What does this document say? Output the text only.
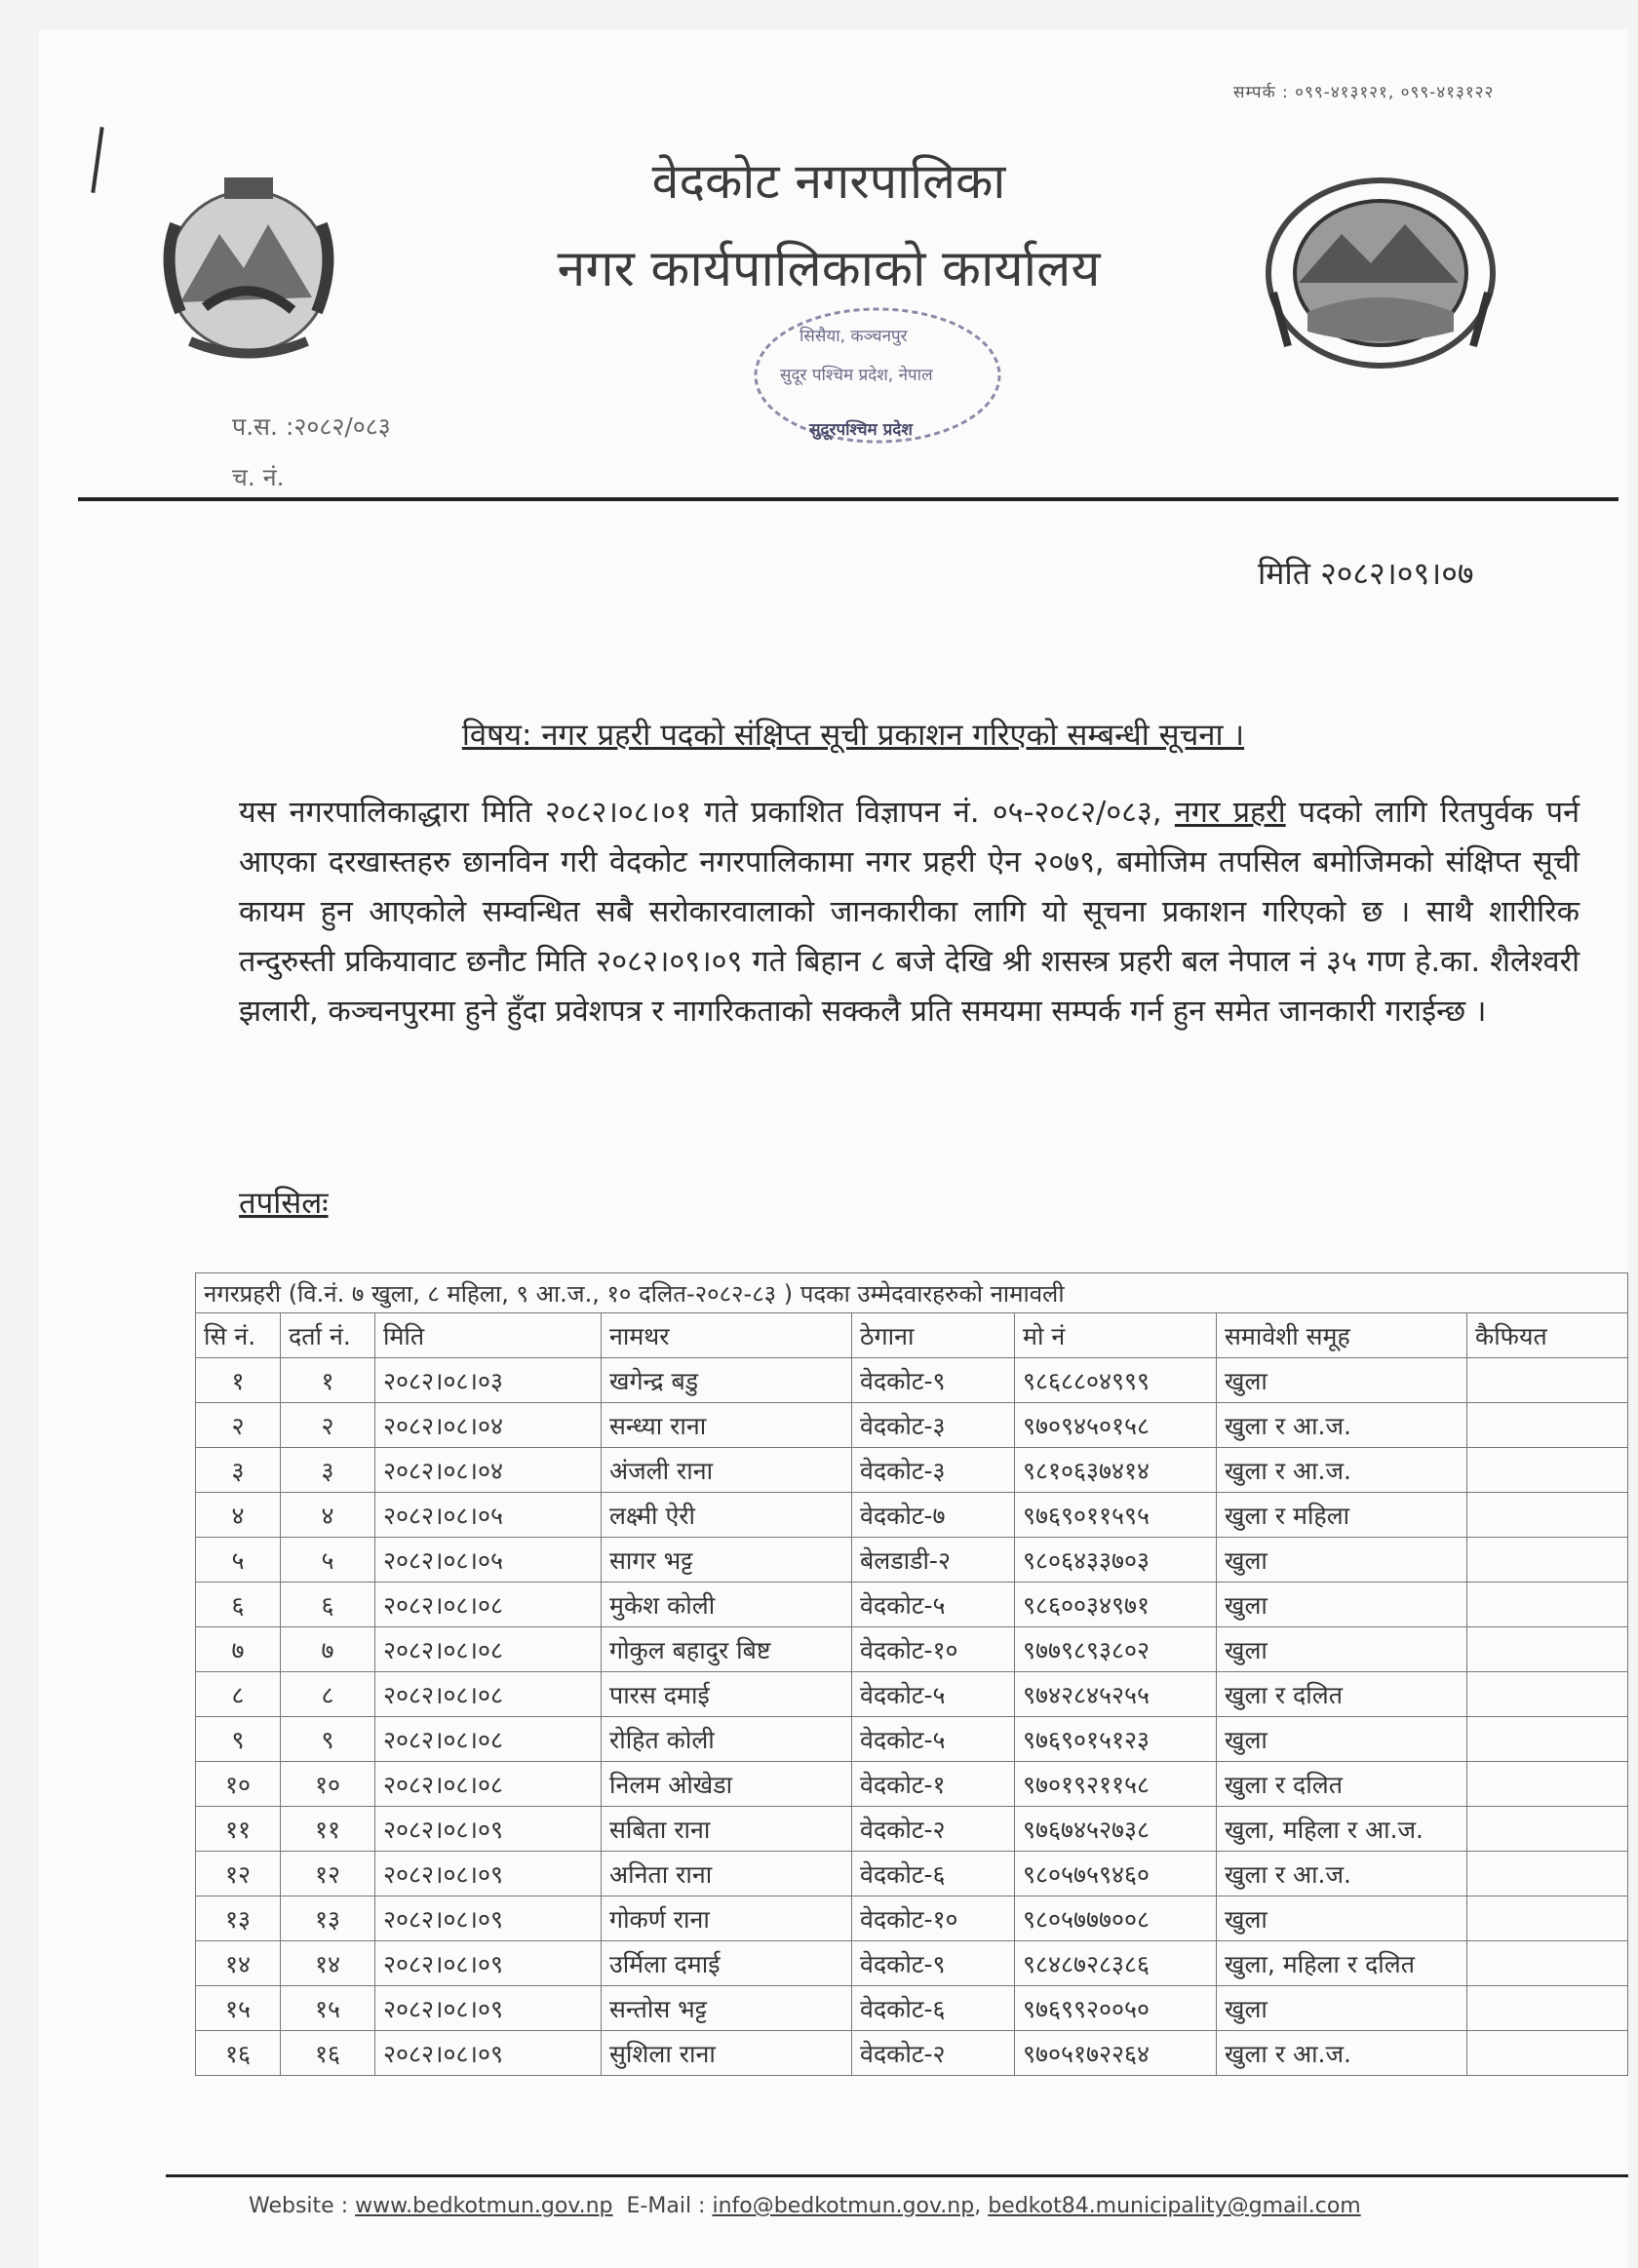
सम्पर्क : ०९९-४१३१२१, ०९९-४१३१२२
वेदकोट नगरपालिका
नगर कार्यपालिकाको कार्यालय
सिसैया, कञ्चनपुर
सुदूर पश्चिम प्रदेश, नेपाल
सुदूरपश्चिम प्रदेश
प.स. :२०८२/०८३
च. नं.
मिति २०८२।०९।०७
विषय: नगर प्रहरी पदको संक्षिप्त सूची प्रकाशन गरिएको सम्बन्धी सूचना ।
यस नगरपालिकाद्धारा मिति २०८२।०८।०१ गते प्रकाशित विज्ञापन नं. ०५-२०८२/०८३, नगर प्रहरी पदको लागि रितपुर्वक पर्न आएका दरखास्तहरु छानविन गरी वेदकोट नगरपालिकामा नगर प्रहरी ऐन २०७९, बमोजिम तपसिल बमोजिमको संक्षिप्त सूची कायम हुन आएकोले सम्वन्धित सबै सरोकारवालाको जानकारीका लागि यो सूचना प्रकाशन गरिएको छ । साथै शारीरिक तन्दुरुस्ती प्रकियावाट छनौट मिति २०८२।०९।०९ गते बिहान ८ बजे देखि श्री शसस्त्र प्रहरी बल नेपाल नं ३५ गण हे.का. शैलेश्वरी झलारी, कञ्चनपुरमा हुने हुँदा प्रवेशपत्र र नागरिकताको सक्कलै प्रति समयमा सम्पर्क गर्न हुन समेत जानकारी गराईन्छ ।
तपसिलः
नगरप्रहरी (वि.नं. ७ खुला, ८ महिला, ९ आ.ज., १० दलित-२०८२-८३ ) पदका उम्मेदवारहरुको नामावली							
सि नं.	दर्ता नं.	मिति	नामथर	ठेगाना	मो नं	समावेशी समूह	कैफियत
१	१	२०८२।०८।०३	खगेन्द्र बडु	वेदकोट-९	९८६८८०४९९९	खुला	
२	२	२०८२।०८।०४	सन्ध्या राना	वेदकोट-३	९७०९४५०१५८	खुला र आ.ज.	
३	३	२०८२।०८।०४	अंजली राना	वेदकोट-३	९८१०६३७४१४	खुला र आ.ज.	
४	४	२०८२।०८।०५	लक्ष्मी ऐरी	वेदकोट-७	९७६९०११५९५	खुला र महिला	
५	५	२०८२।०८।०५	सागर भट्ट	बेलडाडी-२	९८०६४३३७०३	खुला	
६	६	२०८२।०८।०८	मुकेश कोली	वेदकोट-५	९८६००३४९७१	खुला	
७	७	२०८२।०८।०८	गोकुल बहादुर बिष्ट	वेदकोट-१०	९७७९८९३८०२	खुला	
८	८	२०८२।०८।०८	पारस दमाई	वेदकोट-५	९७४२८४५२५५	खुला र दलित	
९	९	२०८२।०८।०८	रोहित कोली	वेदकोट-५	९७६९०१५१२३	खुला	
१०	१०	२०८२।०८।०८	निलम ओखेडा	वेदकोट-१	९७०१९२११५८	खुला र दलित	
११	११	२०८२।०८।०९	सबिता राना	वेदकोट-२	९७६७४५२७३८	खुला, महिला र आ.ज.	
१२	१२	२०८२।०८।०९	अनिता राना	वेदकोट-६	९८०५७५९४६०	खुला र आ.ज.	
१३	१३	२०८२।०८।०९	गोकर्ण राना	वेदकोट-१०	९८०५७७७००८	खुला	
१४	१४	२०८२।०८।०९	उर्मिला दमाई	वेदकोट-९	९८४८७२८३८६	खुला, महिला र दलित	
१५	१५	२०८२।०८।०९	सन्तोस भट्ट	वेदकोट-६	९७६९९२००५०	खुला	
१६	१६	२०८२।०८।०९	सुशिला राना	वेदकोट-२	९७०५१७२२६४	खुला र आ.ज.	
Website : www.bedkotmun.gov.np E-Mail : info@bedkotmun.gov.np, bedkot84.municipality@gmail.com
